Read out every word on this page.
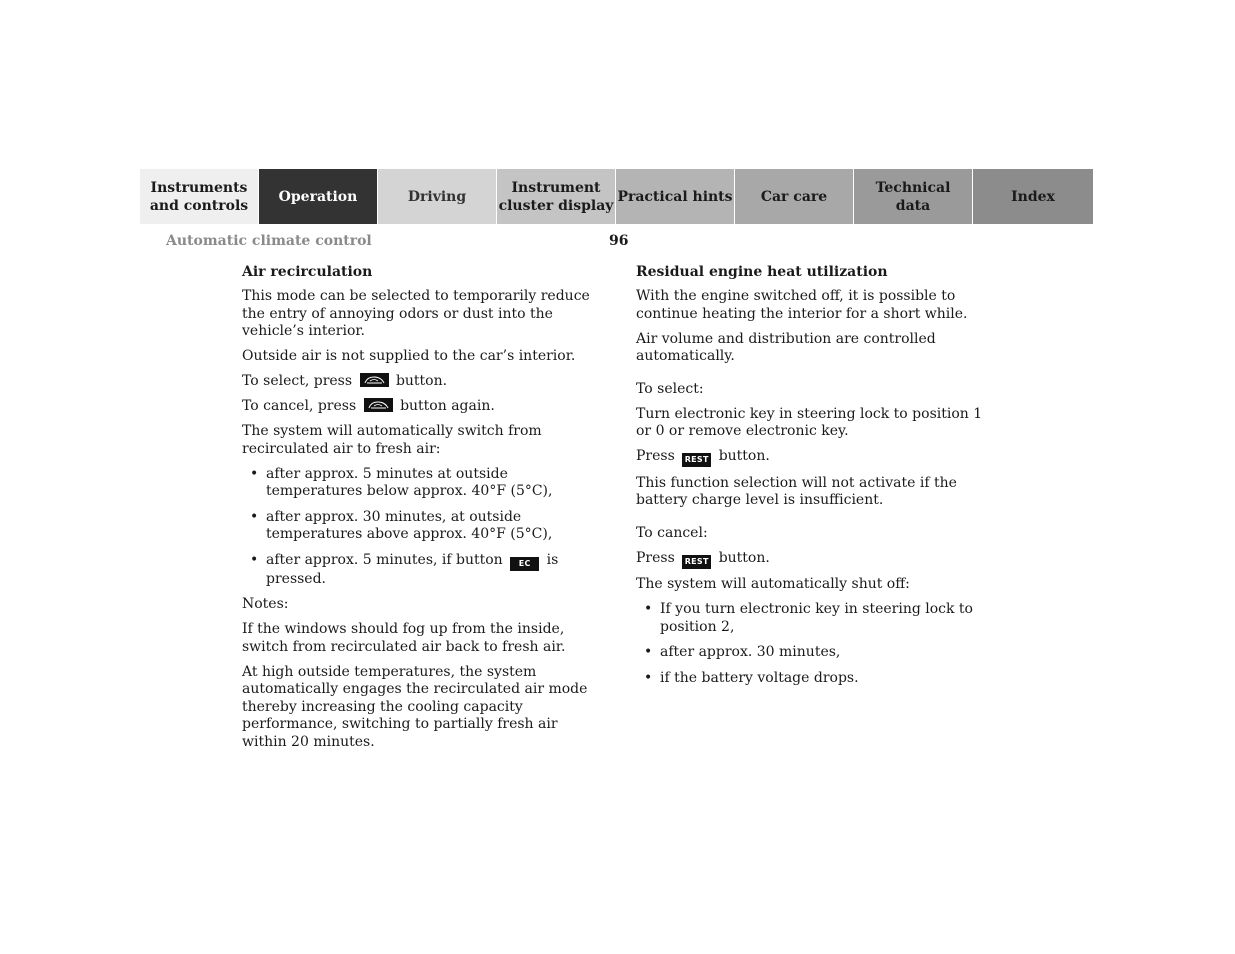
Instruments
and controls
Operation	Driving
Instrument
cluster display
Practical hints Car care
Technical
data
Index
Automatic climate control	96
Air recirculation

This mode can be selected to temporarily reduce the entry of annoying odors or dust into the vehicle’s interior.

Outside air is not supplied to the car’s interior.

To select, press	button.

To cancel, press	button again.

The system will automatically switch from recirculated air to fresh air:

• after approx. 5 minutes at outside temperatures below approx. 40°F (5°C),
• after approx. 30 minutes, at outside temperatures above approx. 40°F (5°C),
• after approx. 5 minutes, if button EC is pressed.

Notes:

If the windows should fog up from the inside, switch from recirculated air back to fresh air.

At high outside temperatures, the system automatically engages the recirculated air mode thereby increasing the cooling capacity performance, switching to partially fresh air within 20 minutes.

Residual engine heat utilization

With the engine switched off, it is possible to continue heating the interior for a short while.

Air volume and distribution are controlled automatically.

To select:

Turn electronic key in steering lock to position 1 or 0 or remove electronic key.

Press REST button.

This function selection will not activate if the battery charge level is insufficient.

To cancel:

Press REST button.

The system will automatically shut off:

• If you turn electronic key in steering lock to position 2,
• after approx. 30 minutes,
• if the battery voltage drops.
